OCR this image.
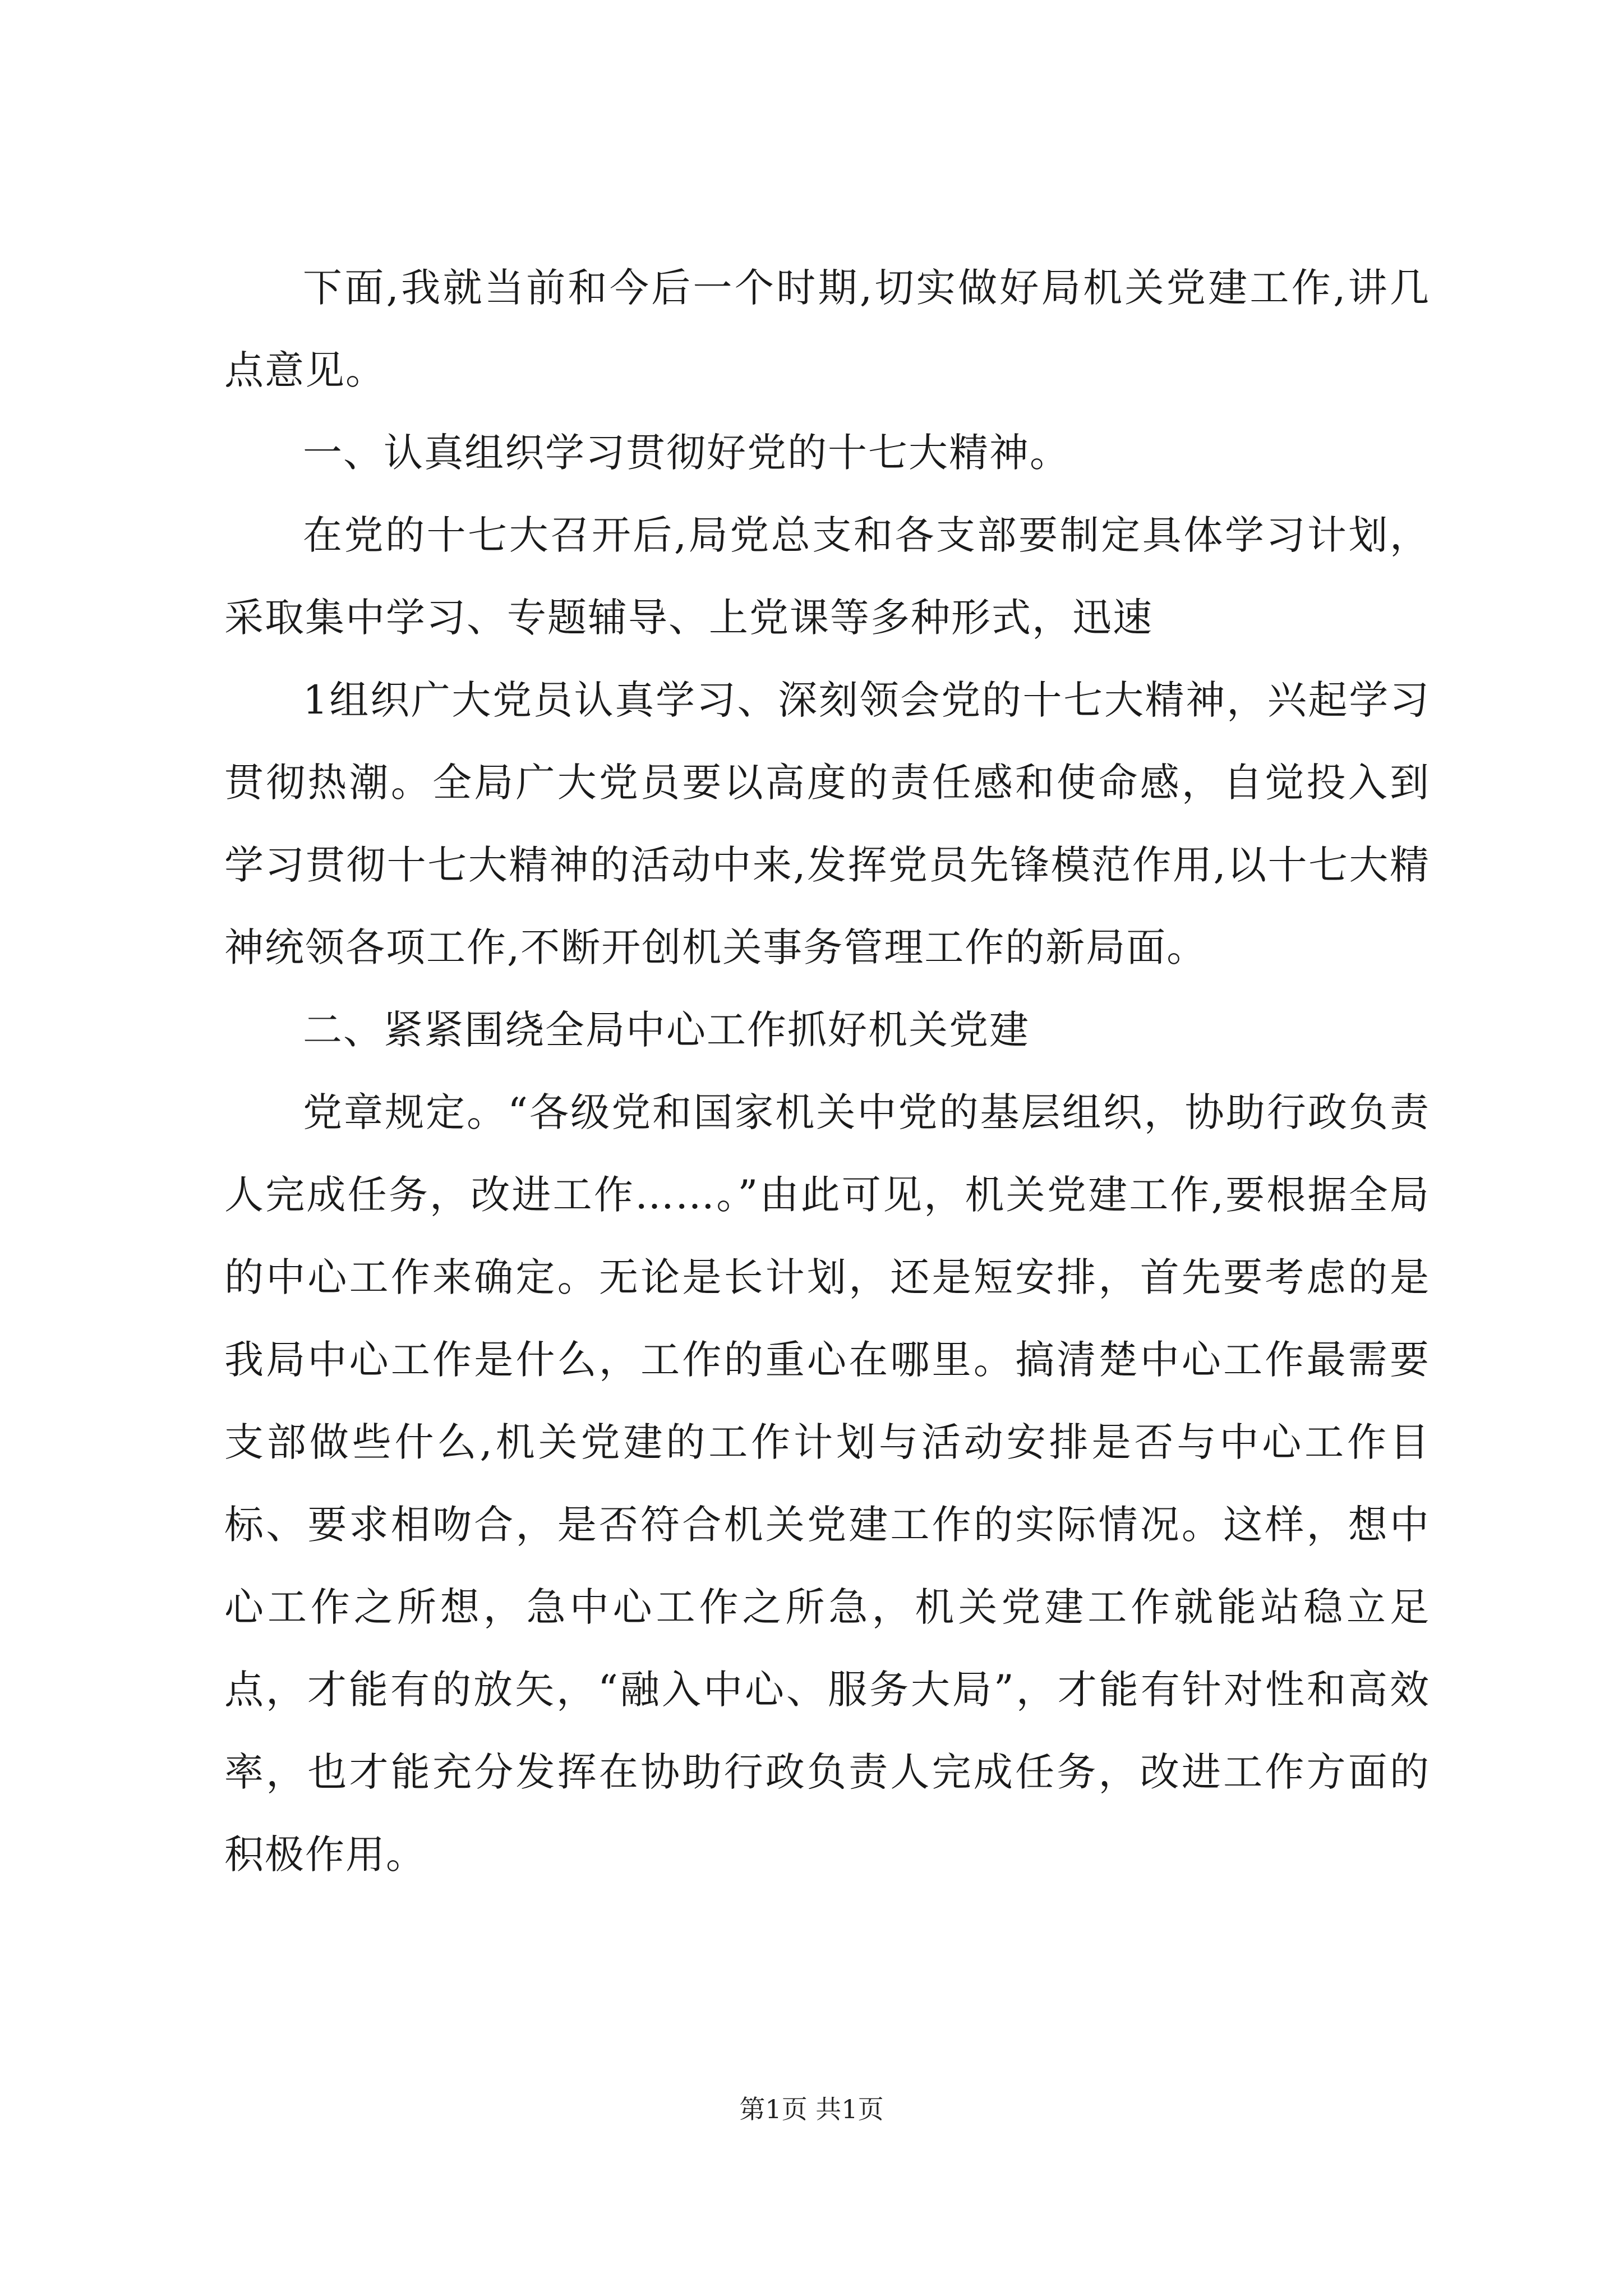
下面,我就当前和今后一个时期,切实做好局机关党建工作,讲几点意见。

一、认真组织学习贯彻好党的十七大精神。

在党的十七大召开后,局党总支和各支部要制定具体学习计划，采取集中学习、专题辅导、上党课等多种形式，迅速

1组织广大党员认真学习、深刻领会党的十七大精神，兴起学习贯彻热潮。全局广大党员要以高度的责任感和使命感，自觉投入到学习贯彻十七大精神的活动中来,发挥党员先锋模范作用,以十七大精神统领各项工作,不断开创机关事务管理工作的新局面。

二、紧紧围绕全局中心工作抓好机关党建

党章规定。“各级党和国家机关中党的基层组织，协助行政负责人完成任务，改进工作……。”由此可见，机关党建工作,要根据全局的中心工作来确定。无论是长计划，还是短安排，首先要考虑的是我局中心工作是什么，工作的重心在哪里。搞清楚中心工作最需要支部做些什么,机关党建的工作计划与活动安排是否与中心工作目标、要求相吻合，是否符合机关党建工作的实际情况。这样，想中心工作之所想，急中心工作之所急，机关党建工作就能站稳立足点，才能有的放矢，“融入中心、服务大局”，才能有针对性和高效率，也才能充分发挥在协助行政负责人完成任务，改进工作方面的积极作用。

第1页 共1页
